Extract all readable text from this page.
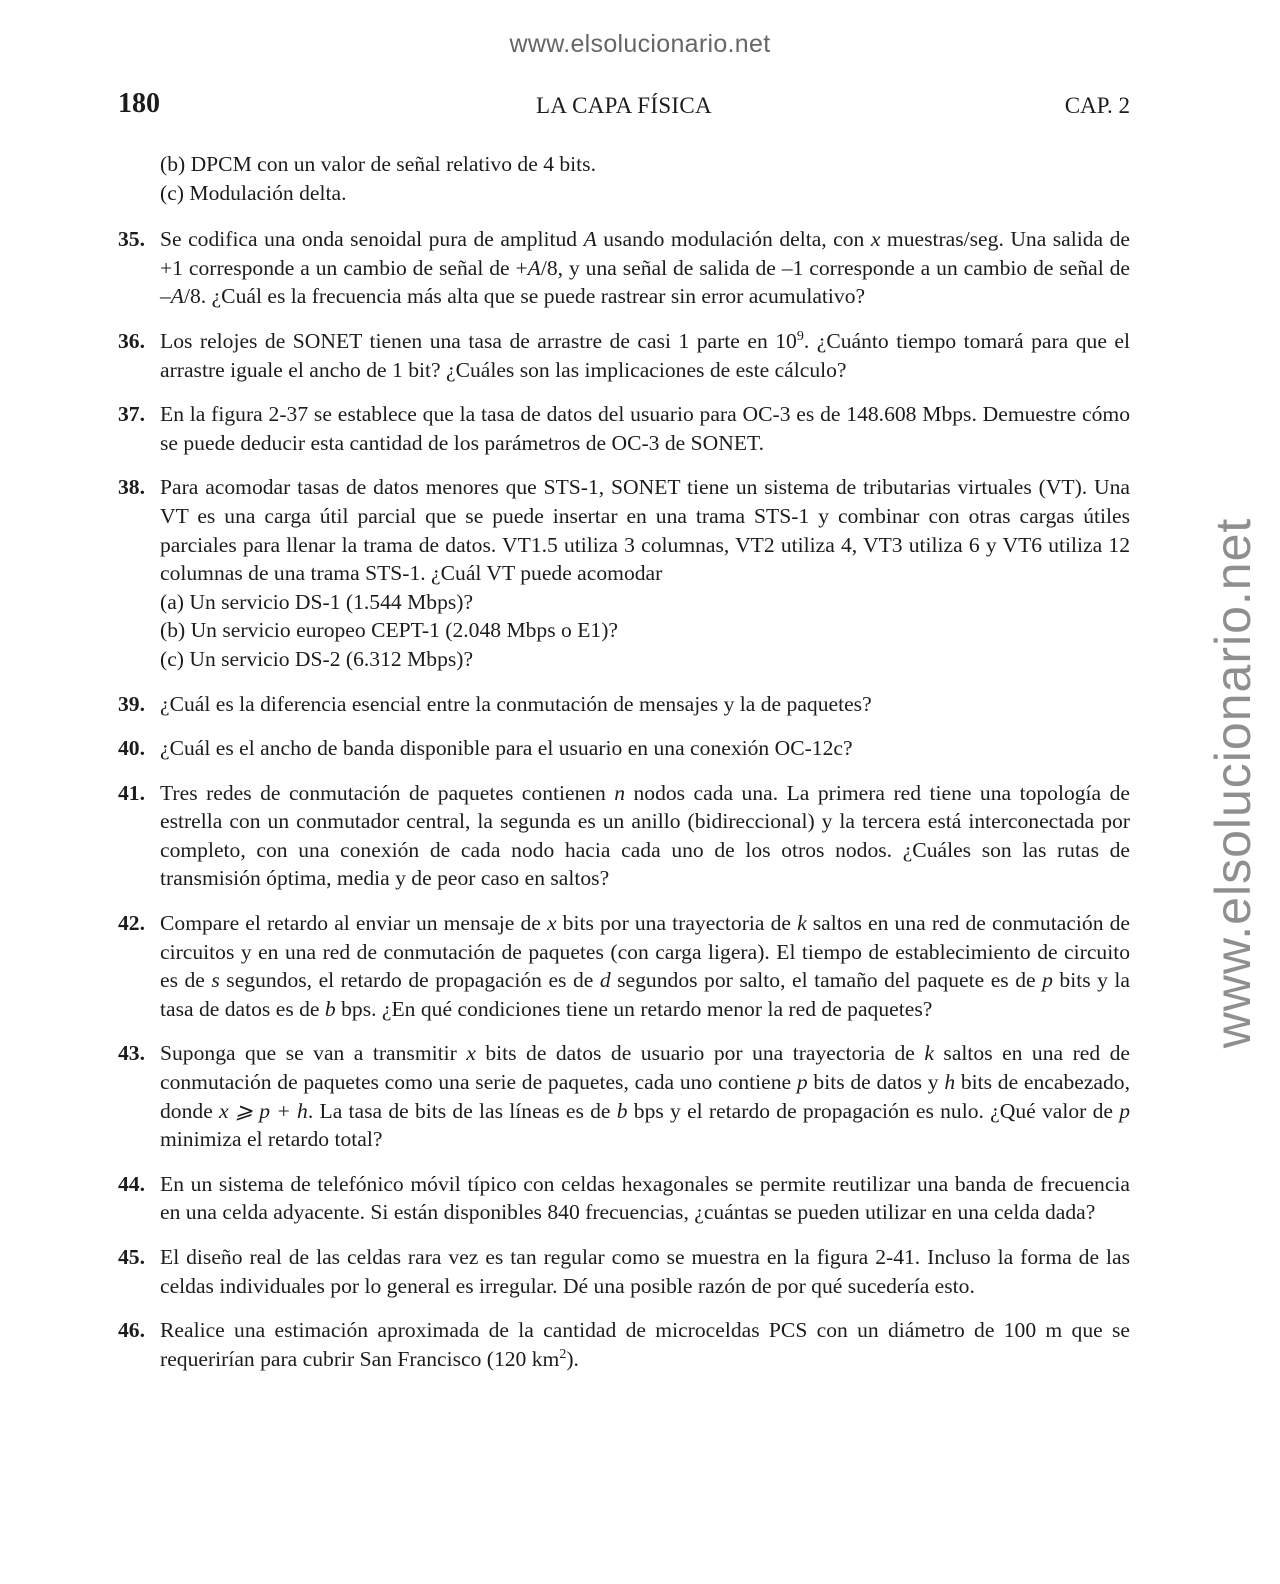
www.elsolucionario.net
www.elsolucionario.net
LA CAPA FÍSICA
180	CAP. 2
(b) DPCM con un valor de señal relativo de 4 bits.
(c) Modulación delta.
35. Se codifica una onda senoidal pura de amplitud A usando modulación delta, con x muestras/seg. Una salida de +1 corresponde a un cambio de señal de +A/8, y una señal de salida de –1 corresponde a un cambio de señal de –A/8. ¿Cuál es la frecuencia más alta que se puede rastrear sin error acumulativo?
36. Los relojes de SONET tienen una tasa de arrastre de casi 1 parte en $10^9$. ¿Cuánto tiempo tomará para que el arrastre iguale el ancho de 1 bit? ¿Cuáles son las implicaciones de este cálculo?
37. En la figura 2-37 se establece que la tasa de datos del usuario para OC-3 es de 148.608 Mbps. Demuestre cómo se puede deducir esta cantidad de los parámetros de OC-3 de SONET.
38. Para acomodar tasas de datos menores que STS-1, SONET tiene un sistema de tributarias virtuales (VT). Una VT es una carga útil parcial que se puede insertar en una trama STS-1 y combinar con otras cargas útiles parciales para llenar la trama de datos. VT1.5 utiliza 3 columnas, VT2 utiliza 4, VT3 utiliza 6 y VT6 utiliza 12 columnas de una trama STS-1. ¿Cuál VT puede acomodar
(a) Un servicio DS-1 (1.544 Mbps)?
(b) Un servicio europeo CEPT-1 (2.048 Mbps o E1)?
(c) Un servicio DS-2 (6.312 Mbps)?
39. ¿Cuál es la diferencia esencial entre la conmutación de mensajes y la de paquetes?
40. ¿Cuál es el ancho de banda disponible para el usuario en una conexión OC-12c?
41. Tres redes de conmutación de paquetes contienen n nodos cada una. La primera red tiene una topología de estrella con un conmutador central, la segunda es un anillo (bidireccional) y la tercera está interconectada por completo, con una conexión de cada nodo hacia cada uno de los otros nodos. ¿Cuáles son las rutas de transmisión óptima, media y de peor caso en saltos?
42. Compare el retardo al enviar un mensaje de x bits por una trayectoria de k saltos en una red de conmutación de circuitos y en una red de conmutación de paquetes (con carga ligera). El tiempo de establecimiento de circuito es de s segundos, el retardo de propagación es de d segundos por salto, el tamaño del paquete es de p bits y la tasa de datos es de b bps. ¿En qué condiciones tiene un retardo menor la red de paquetes?
43. Suponga que se van a transmitir x bits de datos de usuario por una trayectoria de k saltos en una red de conmutación de paquetes como una serie de paquetes, cada uno contiene p bits de datos y h bits de encabezado, donde x ⩾ p + h. La tasa de bits de las líneas es de b bps y el retardo de propagación es nulo. ¿Qué valor de p minimiza el retardo total?
44. En un sistema de telefónico móvil típico con celdas hexagonales se permite reutilizar una banda de frecuencia en una celda adyacente. Si están disponibles 840 frecuencias, ¿cuántas se pueden utilizar en una celda dada?
45. El diseño real de las celdas rara vez es tan regular como se muestra en la figura 2-41. Incluso la forma de las celdas individuales por lo general es irregular. Dé una posible razón de por qué sucedería esto.
46. Realice una estimación aproximada de la cantidad de microceldas PCS con un diámetro de 100 m que se requerirían para cubrir San Francisco (120 $km^2$).
